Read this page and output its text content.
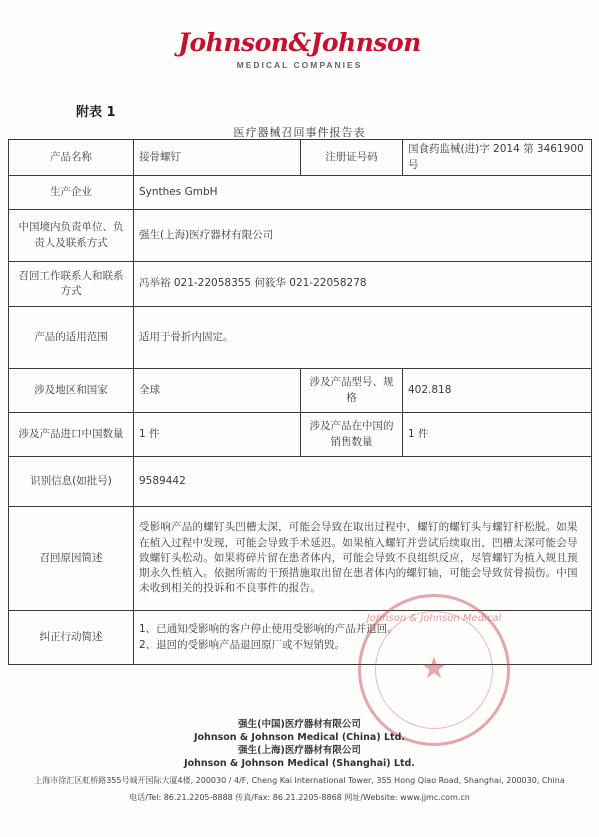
Johnson&Johnson
MEDICAL COMPANIES
附表 1
医疗器械召回事件报告表
产品名称	接骨螺钉	注册证号码	国食药监械(进)字 2014 第 3461900 号
生产企业	Synthes GmbH		
中国境内负责单位、负责人及联系方式	强生(上海)医疗器材有限公司		
召回工作联系人和联系方式	冯举裕 021-22058355 何筱华 021-22058278		
产品的适用范围	适用于骨折内固定。		
涉及地区和国家	全球	涉及产品型号、规格	402.818
涉及产品进口中国数量	1 件	涉及产品在中国的销售数量	1 件
识别信息(如批号)	9589442		
召回原因简述	受影响产品的螺钉头凹槽太深，可能会导致在取出过程中，螺钉的螺钉头与螺钉杆松脱。如果在植入过程中发现，可能会导致手术延迟。如果植入螺钉并尝试后续取出，凹槽太深可能会导致螺钉头松动。如果将碎片留在患者体内，可能会导致不良组织反应，尽管螺钉为植入规且预期永久性植入。依据所需的干预措施取出留在患者体内的螺钉轴，可能会导致贫骨损伤。中国未收到相关的投诉和不良事件的报告。		
纠正行动简述	1、已通知受影响的客户停止使用受影响的产品并退回。
2、退回的受影响产品退回原厂或不短销毁。		
Johnson & Johnson Medical
★
强生(中国)医疗器材有限公司
Johnson & Johnson Medical (China) Ltd.
强生(上海)医疗器材有限公司
Johnson & Johnson Medical (Shanghai) Ltd.
上海市徐汇区虹桥路355号城开国际大厦4楼, 200030 / 4/F, Cheng Kai International Tower, 355 Hong Qiao Road, Shanghai, 200030, China
电话/Tel: 86.21.2205-8888 传真/Fax: 86.21.2205-8868 网址/Website: www.jjmc.com.cn
